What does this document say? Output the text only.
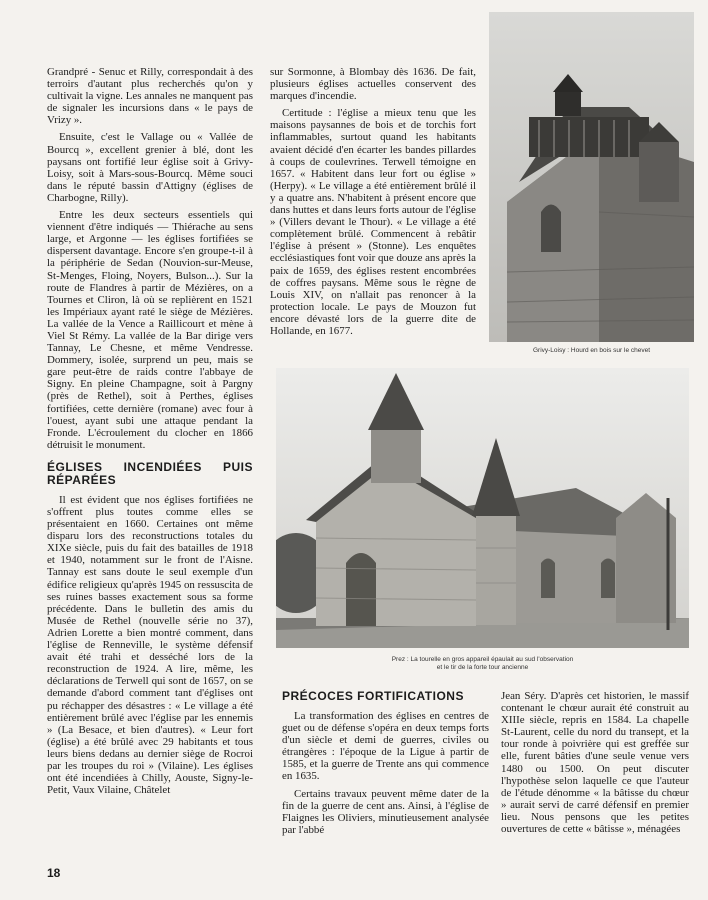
Grandpré - Senuc et Rilly, correspondait à des terroirs d'autant plus recherchés qu'on y cultivait la vigne. Les annales ne manquent pas de signaler les incursions dans « le pays de Vrizy ».

Ensuite, c'est le Vallage ou « Vallée de Bourcq », excellent grenier à blé, dont les paysans ont fortifié leur église soit à Grivy-Loisy, soit à Mars-sous-Bourcq. Même souci dans le réputé bassin d'Attigny (églises de Charbogne, Rilly).

Entre les deux secteurs essentiels qui viennent d'être indiqués — Thiérache au sens large, et Argonne — les églises fortifiées se dispersent davantage. Encore s'en groupe-t-il à la périphérie de Sedan (Nouvion-sur-Meuse, St-Menges, Floing, Noyers, Bulson...). Sur la route de Flandres à partir de Mézières, on a Tournes et Cliron, là où se replièrent en 1521 les Impériaux ayant raté le siège de Mézières. La vallée de la Vence a Raillicourt et mène à Viel St Rémy. La vallée de la Bar dirige vers Tannay, Le Chesne, et même Vendresse. Dommery, isolée, surprend un peu, mais se gare peut-être de raids contre l'abbaye de Signy. En pleine Champagne, soit à Pargny (près de Rethel), soit à Perthes, églises fortifiées, cette dernière (romane) avec four à l'ouest, ayant subi une attaque pendant la Fronde. L'écroulement du clocher en 1866 détruisit le monument.

ÉGLISES INCENDIÉES PUIS RÉPARÉES

Il est évident que nos églises fortifiées ne s'offrent plus toutes comme elles se présentaient en 1660. Certaines ont même disparu lors des reconstructions totales du XIXe siècle, puis du fait des batailles de 1918 et 1940, notamment sur le front de l'Aisne. Tannay est sans doute le seul exemple d'un édifice religieux qu'après 1945 on ressuscita de ses ruines basses exactement sous sa forme précédente. Dans le bulletin des amis du Musée de Rethel (nouvelle série no 37), Adrien Lorette a bien montré comment, dans l'église de Renneville, le système défensif avait été trahi et desséché lors de la reconstruction de 1924. A lire, même, les déclarations de Terwell qui sont de 1657, on se demande d'abord comment tant d'églises ont pu réchapper des désastres : « Le village a été entièrement brûlé avec l'église par les ennemis » (La Besace, et bien d'autres). « Leur fort (église) a été brûlé avec 29 habitants et tous leurs biens dedans au dernier siège de Rocroi par les troupes du roi » (Vilaine). Les églises ont été incendiées à Chilly, Aouste, Signy-le-Petit, Vaux Vilaine, Châtelet

sur Sormonne, à Blombay dès 1636. De fait, plusieurs églises actuelles conservent des marques d'incendie.

Certitude : l'église a mieux tenu que les maisons paysannes de bois et de torchis fort inflammables, surtout quand les habitants avaient décidé d'en écarter les bandes pillardes à coups de coulevrines. Terwell témoigne en 1657. « Habitent dans leur fort ou église » (Herpy). « Le village a été entièrement brûlé il y a quatre ans. N'habitent à présent encore que dans huttes et dans leurs forts autour de l'église » (Villers devant le Thour). « Le village a été complètement brûlé. Commencent à rebâtir l'église à présent » (Stonne). Les enquêtes ecclésiastiques font voir que douze ans après la paix de 1659, des églises restent encombrées de coffres paysans. Même sous le règne de Louis XIV, on n'allait pas renoncer à la protection locale. Le pays de Mouzon fut encore dévasté lors de la guerre dite de Hollande, en 1677.

Grivy-Loisy : Hourd en bois sur le chevet
Prez : La tourelle en gros appareil épaulait au sud l'observation
et le tir de la forte tour ancienne
PRÉCOCES FORTIFICATIONS

La transformation des églises en centres de guet ou de défense s'opéra en deux temps forts d'un siècle et demi de guerres, civiles ou étrangères : l'époque de la Ligue à partir de 1585, et la guerre de Trente ans qui commence en 1635.

Certains travaux peuvent même dater de la fin de la guerre de cent ans. Ainsi, à l'église de Flaignes les Oliviers, minutieusement analysée par l'abbé

Jean Séry. D'après cet historien, le massif contenant le chœur aurait été construit au XIIIe siècle, repris en 1584. La chapelle St-Laurent, celle du nord du transept, et la tour ronde à poivrière qui est greffée sur elle, furent bâties d'une seule venue vers 1480 ou 1500. On peut discuter l'hypothèse selon laquelle ce que l'auteur de l'étude dénomme « la bâtisse du chœur » aurait servi de carré défensif en premier lieu. Nous pensons que les petites ouvertures de cette « bâtisse », ménagées

18
